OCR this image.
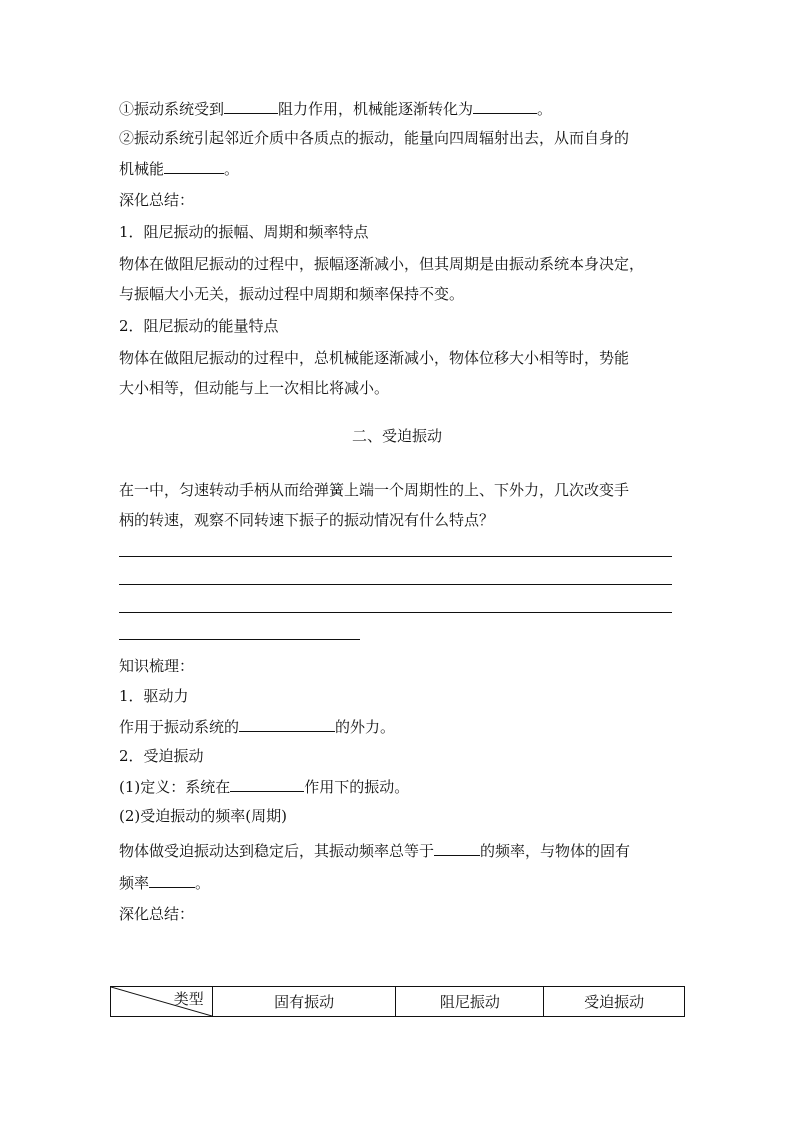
①振动系统受到	阻力作用，机械能逐渐转化为	。
②振动系统引起邻近介质中各质点的振动，能量向四周辐射出去，从而自身的
机械能	。
深化总结：
1．阻尼振动的振幅、周期和频率特点
物体在做阻尼振动的过程中，振幅逐渐减小，但其周期是由振动系统本身决定，
与振幅大小无关，振动过程中周期和频率保持不变。
2．阻尼振动的能量特点
物体在做阻尼振动的过程中，总机械能逐渐减小，物体位移大小相等时，势能
大小相等，但动能与上一次相比将减小。
二、受迫振动
在一中，匀速转动手柄从而给弹簧上端一个周期性的上、下外力，几次改变手
柄的转速，观察不同转速下振子的振动情况有什么特点？
知识梳理：
1．驱动力
作用于振动系统的	的外力。
2．受迫振动
(1)定义：系统在	作用下的振动。
(2)受迫振动的频率(周期)
物体做受迫振动达到稳定后，其振动频率总等于	的频率，与物体的固有
频率	。
深化总结：
类型	固有振动	阻尼振动	受迫振动
